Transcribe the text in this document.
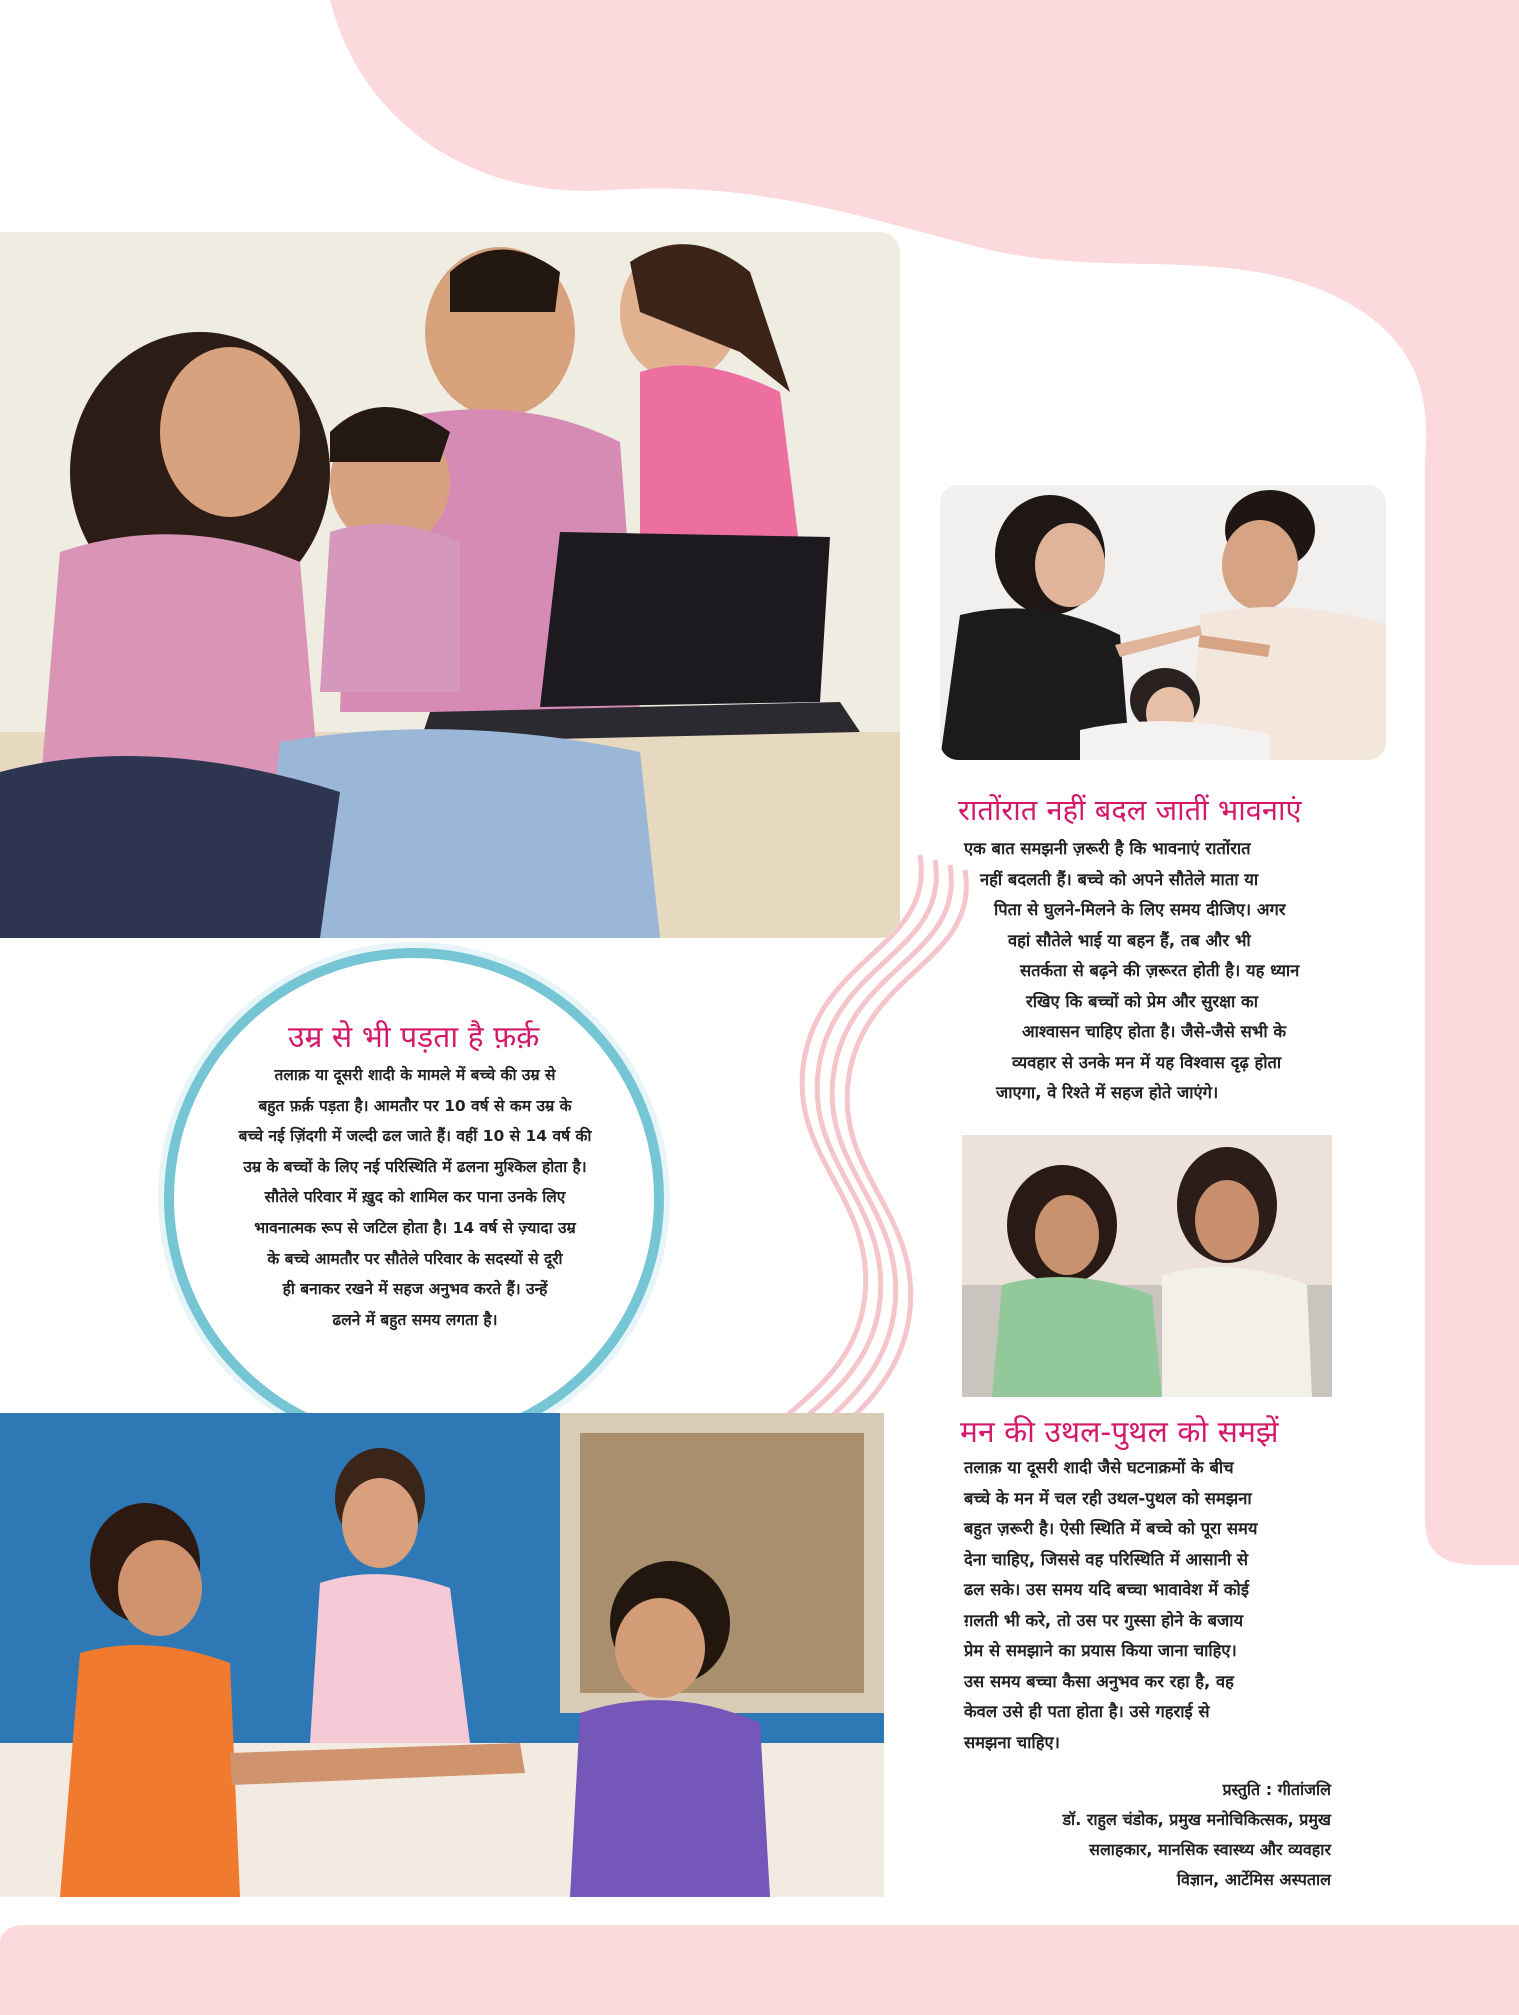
रातोंरात नहीं बदल जातीं भावनाएं
एक बात समझनी ज़रूरी है कि भावनाएं रातोंरात
नहीं बदलती हैं। बच्चे को अपने सौतेले माता या
पिता से घुलने-मिलने के लिए समय दीजिए। अगर
वहां सौतेले भाई या बहन हैं, तब और भी
सतर्कता से बढ़ने की ज़रूरत होती है। यह ध्यान
रखिए कि बच्चों को प्रेम और सुरक्षा का
आश्वासन चाहिए होता है। जैसे-जैसे सभी के
व्यवहार से उनके मन में यह विश्वास दृढ़ होता
जाएगा, वे रिश्ते में सहज होते जाएंगे।
मन की उथल-पुथल को समझें
तलाक़ या दूसरी शादी जैसे घटनाक्रमों के बीच
बच्चे के मन में चल रही उथल-पुथल को समझना
बहुत ज़रूरी है। ऐसी स्थिति में बच्चे को पूरा समय
देना चाहिए, जिससे वह परिस्थिति में आसानी से
ढल सके। उस समय यदि बच्चा भावावेश में कोई
ग़लती भी करे, तो उस पर गुस्सा होने के बजाय
प्रेम से समझाने का प्रयास किया जाना चाहिए।
उस समय बच्चा कैसा अनुभव कर रहा है, वह
केवल उसे ही पता होता है। उसे गहराई से
समझना चाहिए।
प्रस्तुति : गीतांजलि
डॉ. राहुल चंडोक, प्रमुख मनोचिकित्सक, प्रमुख
सलाहकार, मानसिक स्वास्थ्य और व्यवहार
विज्ञान, आर्टेमिस अस्पताल
उम्र से भी पड़ता है फ़र्क़
तलाक़ या दूसरी शादी के मामले में बच्चे की उम्र से
बहुत फ़र्क़ पड़ता है। आमतौर पर 10 वर्ष से कम उम्र के
बच्चे नई ज़िंदगी में जल्दी ढल जाते हैं। वहीं 10 से 14 वर्ष की
उम्र के बच्चों के लिए नई परिस्थिति में ढलना मुश्किल होता है।
सौतेले परिवार में ख़ुद को शामिल कर पाना उनके लिए
भावनात्मक रूप से जटिल होता है। 14 वर्ष से ज़्यादा उम्र
के बच्चे आमतौर पर सौतेले परिवार के सदस्यों से दूरी
ही बनाकर रखने में सहज अनुभव करते हैं। उन्हें
ढलने में बहुत समय लगता है।
